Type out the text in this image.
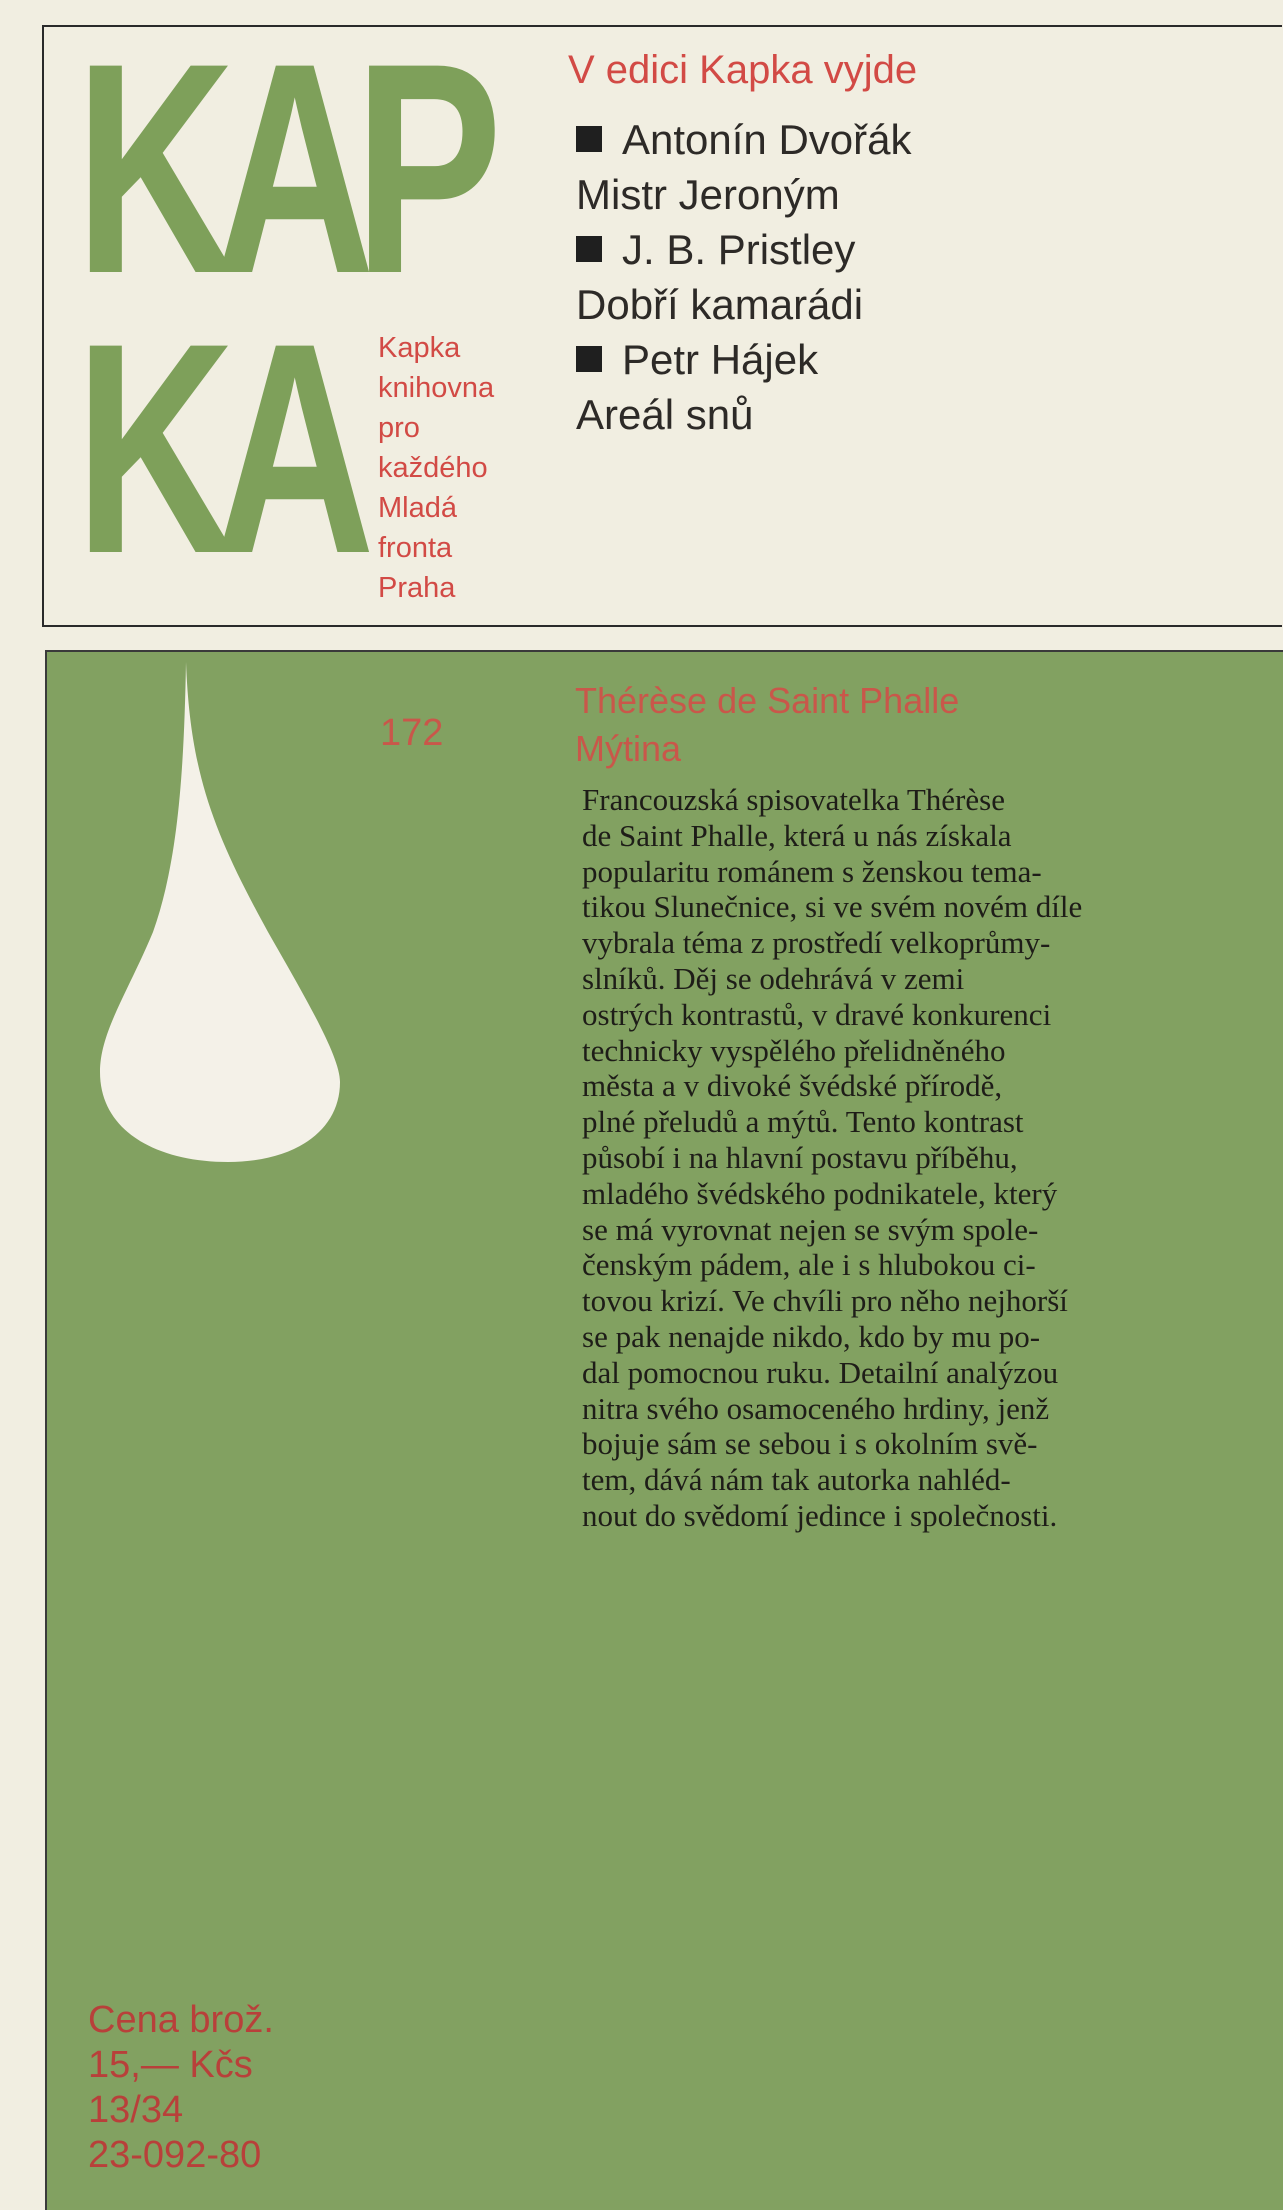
KAP
KA Kapka
knihovna
pro
každého
Mladá
fronta
Praha
V edici Kapka vyjde
Antonín Dvořák
Mistr Jeroným
J. B. Pristley
Dobří kamarádi
Petr Hájek
Areál snů
172
Thérèse de Saint Phalle
Mýtina
Francouzská spisovatelka Thérèse
de Saint Phalle, která u nás získala
popularitu románem s ženskou tema-
tikou Slunečnice, si ve svém novém díle
vybrala téma z prostředí velkoprůmy-
slníků. Děj se odehrává v zemi
ostrých kontrastů, v dravé konkurenci
technicky vyspělého přelidněného
města a v divoké švédské přírodě,
plné přeludů a mýtů. Tento kontrast
působí i na hlavní postavu příběhu,
mladého švédského podnikatele, který
se má vyrovnat nejen se svým spole-
čenským pádem, ale i s hlubokou ci-
tovou krizí. Ve chvíli pro něho nejhorší
se pak nenajde nikdo, kdo by mu po-
dal pomocnou ruku. Detailní analýzou
nitra svého osamoceného hrdiny, jenž
bojuje sám se sebou i s okolním svě-
tem, dává nám tak autorka nahléd-
nout do svědomí jedince i společnosti.
Cena brož.
15,— Kčs
13/34
23-092-80
